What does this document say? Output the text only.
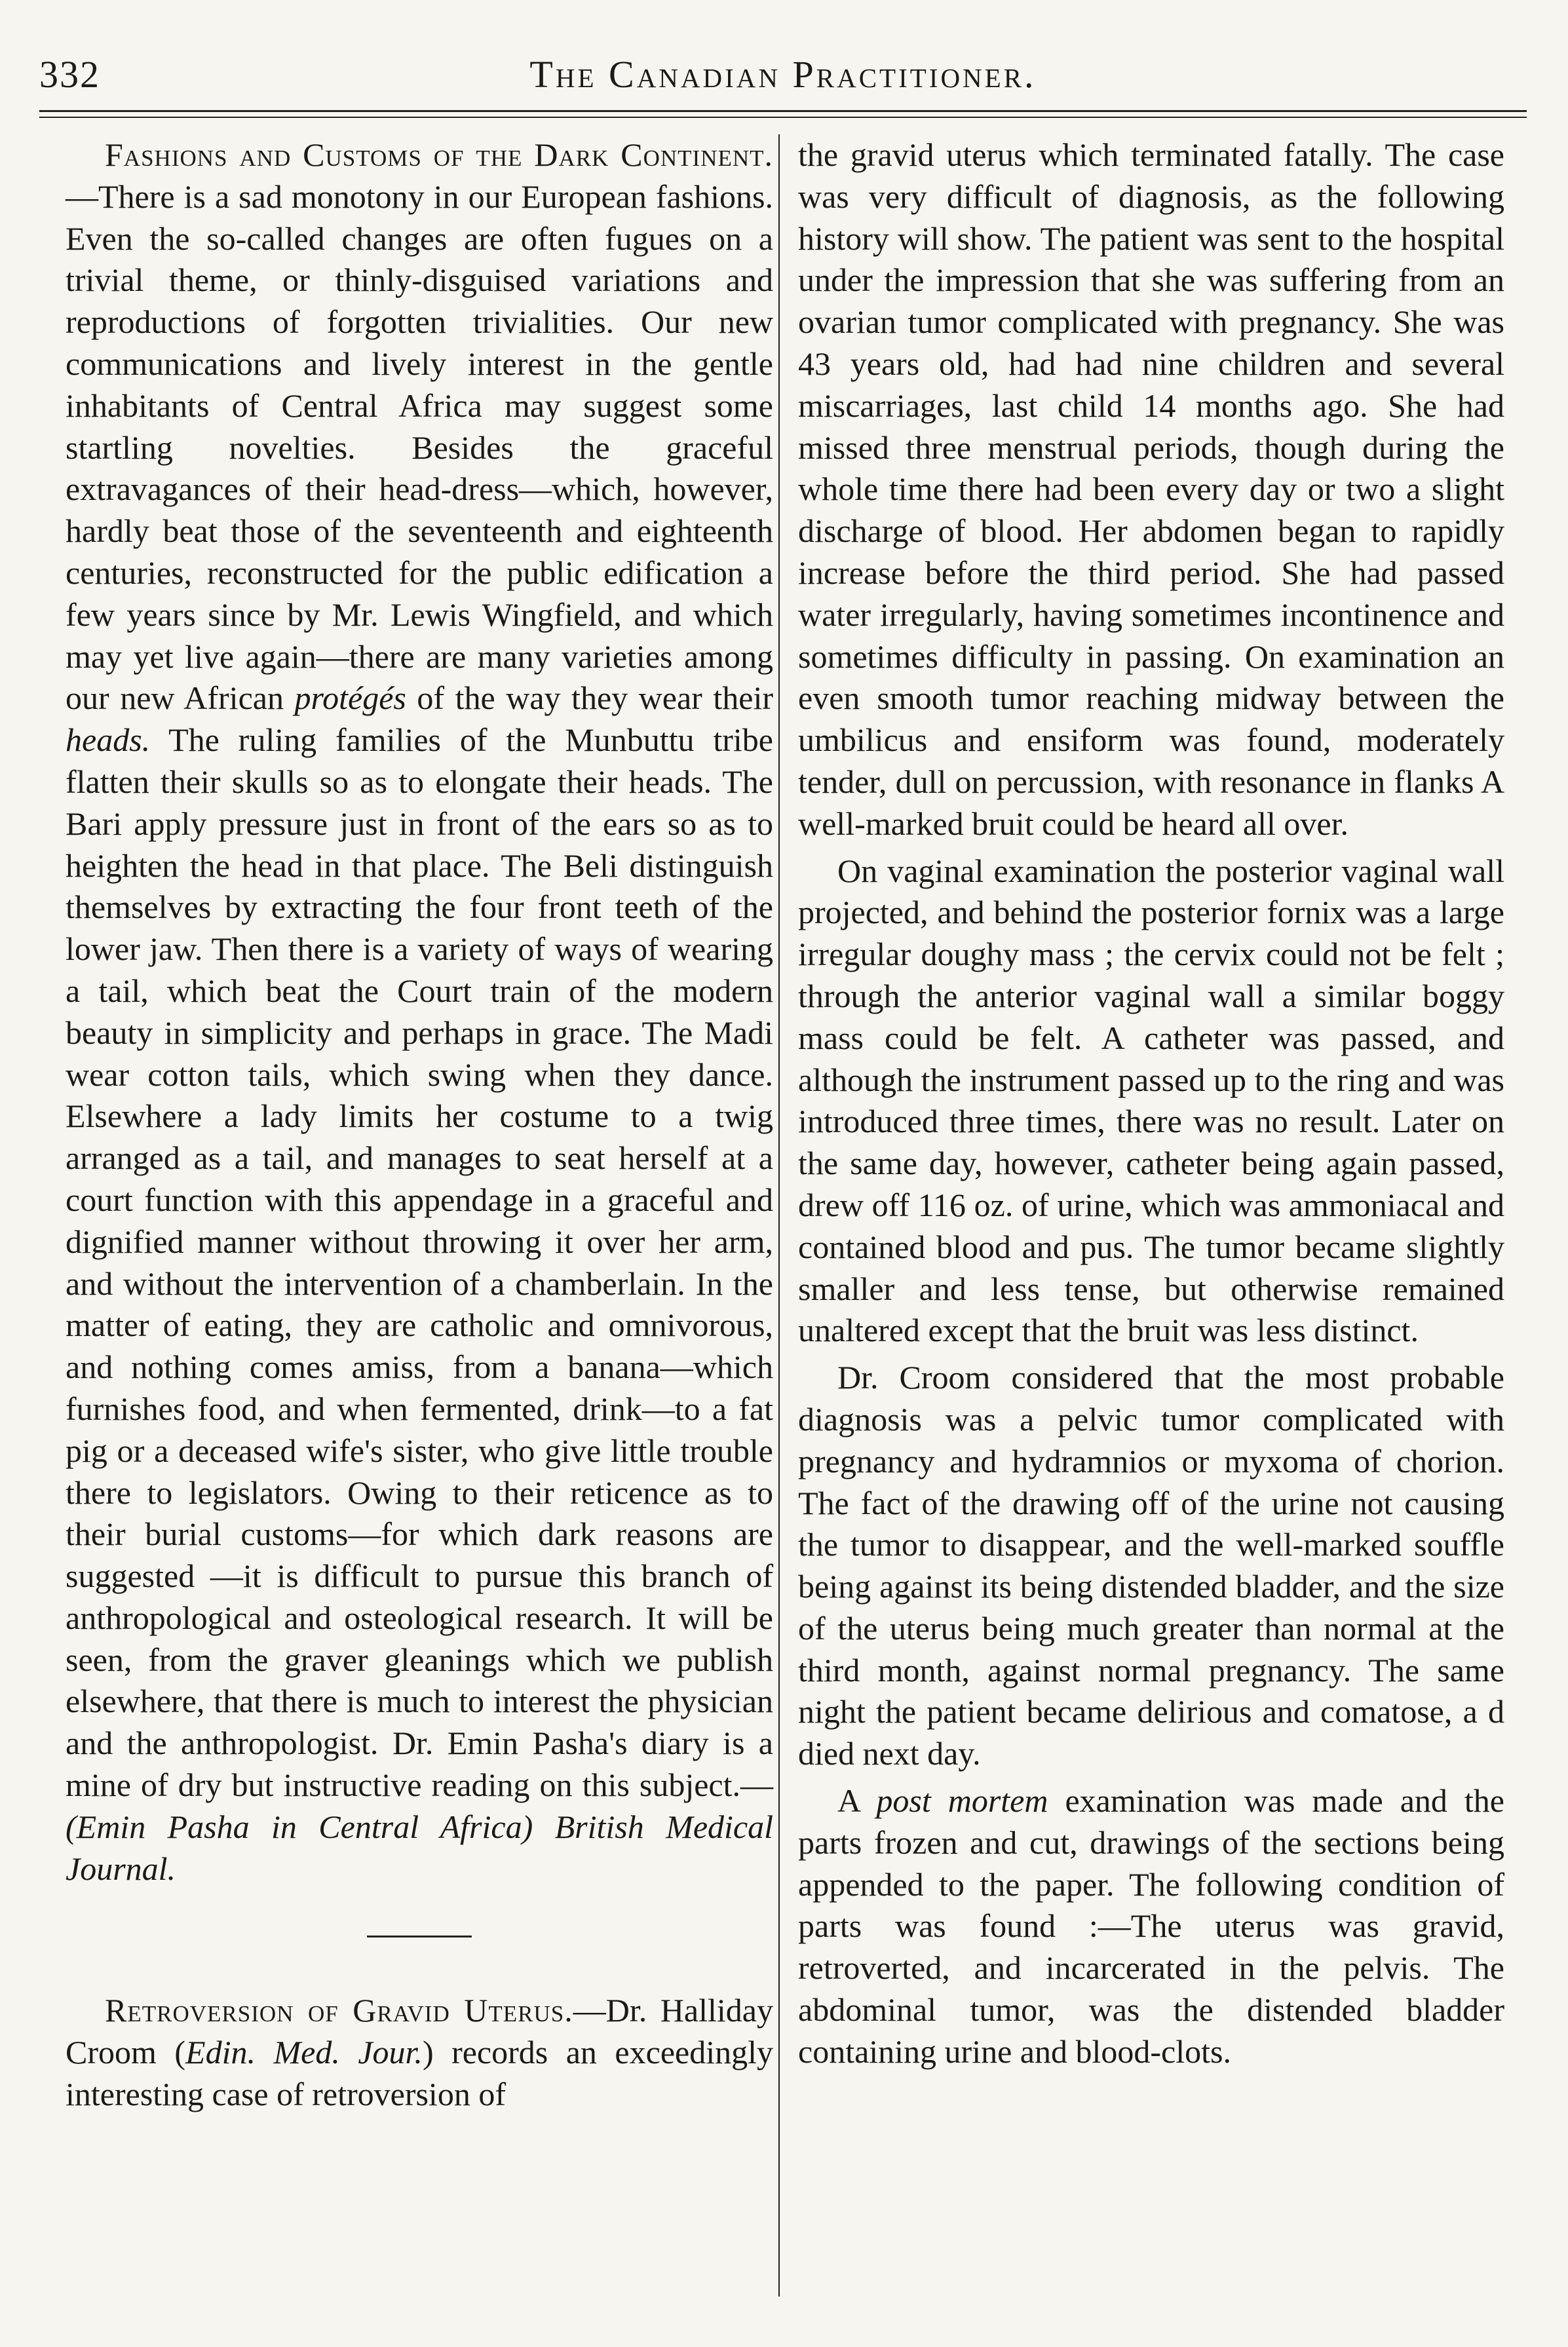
332	The Canadian Practitioner.

Fashions and Customs of the Dark Continent.—There is a sad monotony in our European fashions. Even the so-called changes are often fugues on a trivial theme, or thinly-disguised variations and reproductions of forgotten trivialities. Our new communications and lively interest in the gentle inhabitants of Central Africa may suggest some startling novelties. Besides the graceful extravagances of their head-dress—which, however, hardly beat those of the seventeenth and eighteenth centuries, reconstructed for the public edification a few years since by Mr. Lewis Wingfield, and which may yet live again—there are many varieties among our new African protégés of the way they wear their heads. The ruling families of the Munbuttu tribe flatten their skulls so as to elongate their heads. The Bari apply pressure just in front of the ears so as to heighten the head in that place. The Beli distinguish themselves by extracting the four front teeth of the lower jaw. Then there is a variety of ways of wearing a tail, which beat the Court train of the modern beauty in simplicity and perhaps in grace. The Madi wear cotton tails, which swing when they dance. Elsewhere a lady limits her costume to a twig arranged as a tail, and manages to seat herself at a court function with this appendage in a graceful and dignified manner without throwing it over her arm, and without the intervention of a chamberlain. In the matter of eating, they are catholic and omnivorous, and nothing comes amiss, from a banana—which furnishes food, and when fermented, drink—to a fat pig or a deceased wife's sister, who give little trouble there to legislators. Owing to their reticence as to their burial customs—for which dark reasons are suggested —it is difficult to pursue this branch of anthropological and osteological research. It will be seen, from the graver gleanings which we publish elsewhere, that there is much to interest the physician and the anthropologist. Dr. Emin Pasha's diary is a mine of dry but instructive reading on this subject.—(Emin Pasha in Central Africa) British Medical Journal.

Retroversion of Gravid Uterus.—Dr. Halliday Croom (Edin. Med. Jour.) records an exceedingly interesting case of retroversion of

the gravid uterus which terminated fatally. The case was very difficult of diagnosis, as the following history will show. The patient was sent to the hospital under the impression that she was suffering from an ovarian tumor complicated with pregnancy. She was 43 years old, had had nine children and several miscarriages, last child 14 months ago. She had missed three menstrual periods, though during the whole time there had been every day or two a slight discharge of blood. Her abdomen began to rapidly increase before the third period. She had passed water irregularly, having sometimes incontinence and sometimes difficulty in passing. On examination an even smooth tumor reaching midway between the umbilicus and ensiform was found, moderately tender, dull on percussion, with resonance in flanks A well-marked bruit could be heard all over.

On vaginal examination the posterior vaginal wall projected, and behind the posterior fornix was a large irregular doughy mass ; the cervix could not be felt ; through the anterior vaginal wall a similar boggy mass could be felt. A catheter was passed, and although the instrument passed up to the ring and was introduced three times, there was no result. Later on the same day, however, catheter being again passed, drew off 116 oz. of urine, which was ammoniacal and contained blood and pus. The tumor became slightly smaller and less tense, but otherwise remained unaltered except that the bruit was less distinct.

Dr. Croom considered that the most probable diagnosis was a pelvic tumor complicated with pregnancy and hydramnios or myxoma of chorion. The fact of the drawing off of the urine not causing the tumor to disappear, and the well-marked souffle being against its being distended bladder, and the size of the uterus being much greater than normal at the third month, against normal pregnancy. The same night the patient became delirious and comatose, a d died next day.

A post mortem examination was made and the parts frozen and cut, drawings of the sections being appended to the paper. The following condition of parts was found :—The uterus was gravid, retroverted, and incarcerated in the pelvis. The abdominal tumor, was the distended bladder containing urine and blood-clots.
